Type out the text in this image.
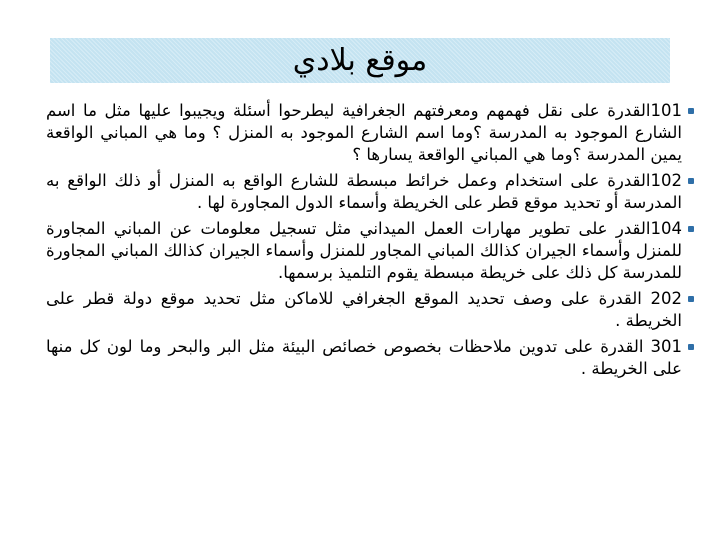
موقع بلادي

101القدرة على نقل فهمهم ومعرفتهم الجغرافية ليطرحوا أسئلة ويجيبوا عليها مثل ما اسم الشارع الموجود به المدرسة ؟وما اسم الشارع الموجود به المنزل ؟ وما هي المباني الواقعة يمين المدرسة ؟وما هي المباني الواقعة يسارها ؟

102القدرة على استخدام وعمل خرائط مبسطة للشارع الواقع به المنزل أو ذلك الواقع به المدرسة أو تحديد موقع قطر على الخريطة وأسماء الدول المجاورة لها .

104القدر على تطوير مهارات العمل الميداني مثل تسجيل معلومات عن المباني المجاورة للمنزل وأسماء الجيران كذالك المباني المجاور للمنزل وأسماء الجيران كذالك المباني المجاورة للمدرسة كل ذلك على خريطة مبسطة يقوم التلميذ برسمها.

202 القدرة على وصف تحديد الموقع الجغرافي للاماكن مثل تحديد موقع دولة قطر على الخريطة .

301 القدرة على تدوين ملاحظات بخصوص خصائص البيئة مثل البر والبحر وما لون كل منها على الخريطة .
